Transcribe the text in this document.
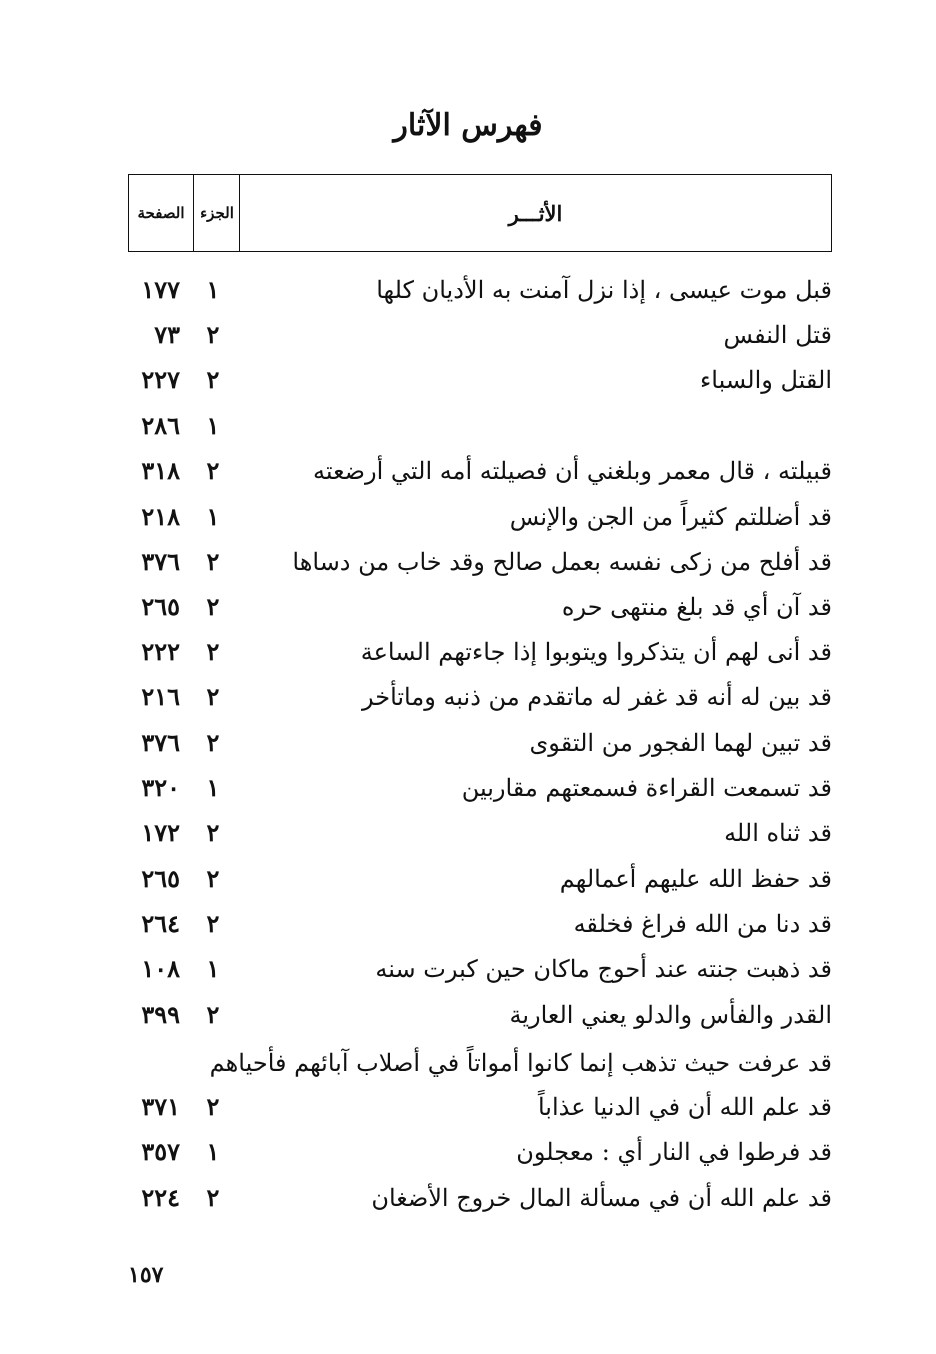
فهرس الآثار
الصفحة	الجزء	الأثـــر
قبل موت عيسى ، إذا نزل آمنت به الأديان كلها
١
١٧٧
قتل النفس
٢
٧٣
القتل والسباء
٢
٢٢٧
١
٢٨٦
قبيلته ، قال معمر وبلغني أن فصيلته أمه التي أرضعته
٢
٣١٨
قد أضللتم كثيراً من الجن والإنس
١
٢١٨
قد أفلح من زكى نفسه بعمل صالح وقد خاب من دساها
٢
٣٧٦
قد آن أي قد بلغ منتهى حره
٢
٢٦٥
قد أنى لهم أن يتذكروا ويتوبوا إذا جاءتهم الساعة
٢
٢٢٢
قد بين له أنه قد غفر له ماتقدم من ذنبه وماتأخر
٢
٢١٦
قد تبين لهما الفجور من التقوى
٢
٣٧٦
قد تسمعت القراءة فسمعتهم مقاربين
١
٣٢٠
قد ثناه الله
٢
١٧٢
قد حفظ الله عليهم أعمالهم
٢
٢٦٥
قد دنا من الله فراغ فخلقه
٢
٢٦٤
قد ذهبت جنته عند أحوج ماكان حين كبرت سنه
١
١٠٨
القدر والفأس والدلو يعني العارية
٢
٣٩٩
قد عرفت حيث تذهب إنما كانوا أمواتاً في أصلاب آبائهم فأحياهم
قد علم الله أن في الدنيا عذاباً
٢
٣٧١
قد فرطوا في النار أي : معجلون
١
٣٥٧
قد علم الله أن في مسألة المال خروج الأضغان
٢
٢٢٤
١٥٧
